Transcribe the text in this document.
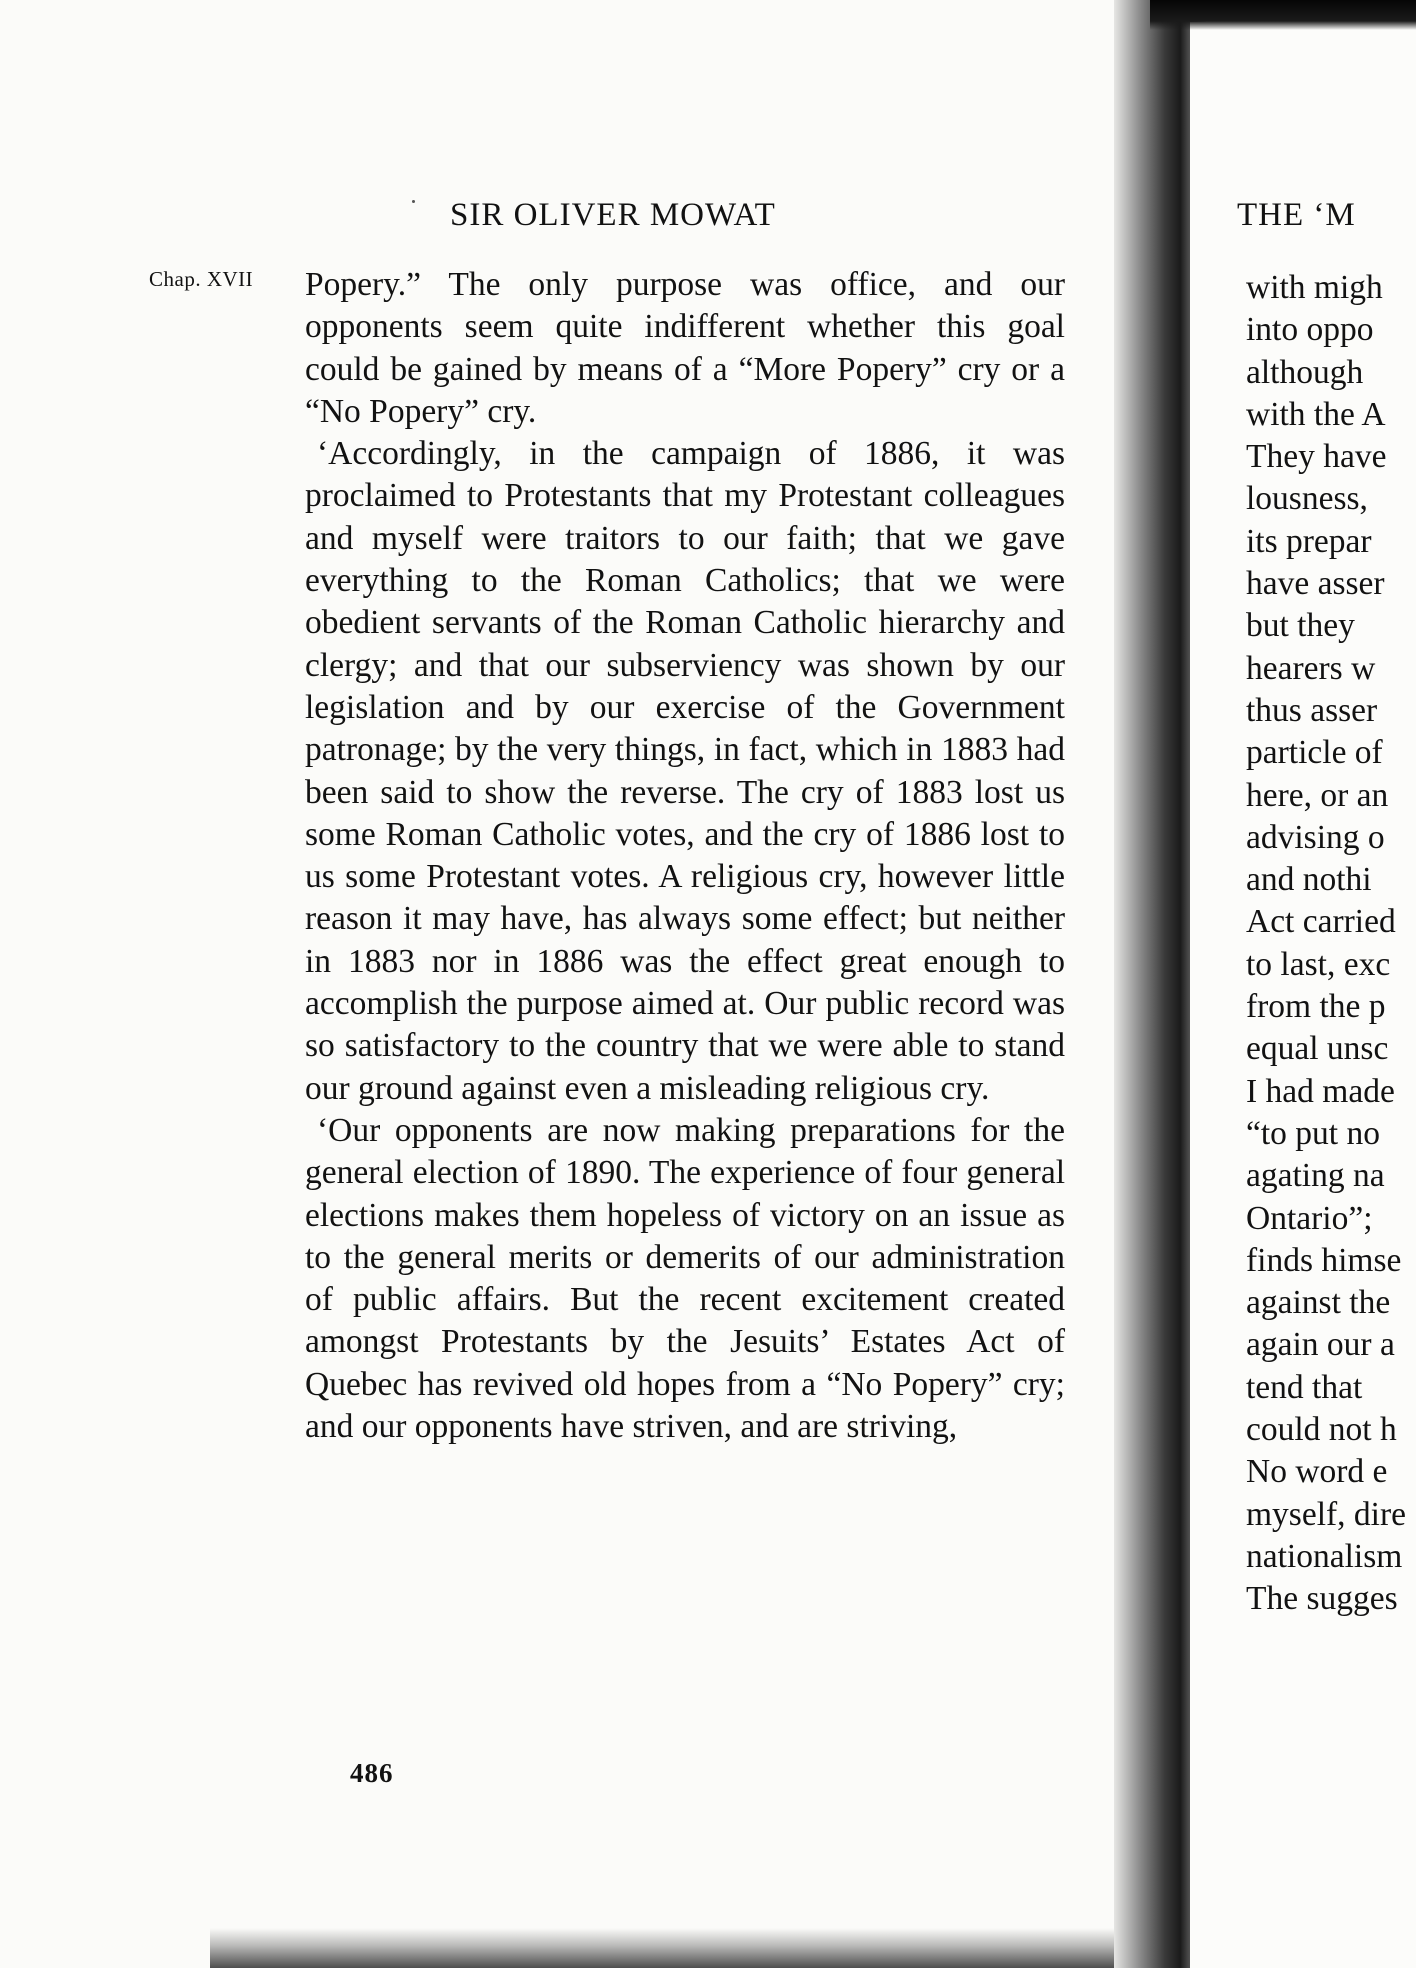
SIR OLIVER MOWAT
Chap. XVII Popery.” The only purpose was office, and our opponents seem quite indifferent whether this goal could be gained by means of a “More Popery” cry or a “No Popery” cry.

‘Accordingly, in the campaign of 1886, it was proclaimed to Protestants that my Protestant colleagues and myself were traitors to our faith; that we gave everything to the Roman Catholics; that we were obedient servants of the Roman Catholic hierarchy and clergy; and that our subserviency was shown by our legislation and by our exercise of the Government patronage; by the very things, in fact, which in 1883 had been said to show the reverse. The cry of 1883 lost us some Roman Catholic votes, and the cry of 1886 lost to us some Protestant votes. A religious cry, however little reason it may have, has always some effect; but neither in 1883 nor in 1886 was the effect great enough to accomplish the purpose aimed at. Our public record was so satisfactory to the country that we were able to stand our ground against even a misleading religious cry.

‘Our opponents are now making preparations for the general election of 1890. The experience of four general elections makes them hopeless of victory on an issue as to the general merits or demerits of our administration of public affairs. But the recent excitement created amongst Protestants by the Jesuits’ Estates Act of Quebec has revived old hopes from a “No Popery” cry; and our opponents have striven, and are striving,

486
THE ‘M
with migh
into oppo
although
with the A
They have
lousness,
its prepar
have asser
but they
hearers w
thus asser
particle of
here, or an
advising o
and nothi
Act carried
to last, exc
from the p
equal unsc
I had made
“to put no
agating na
Ontario”;
finds himse
against the
again our a
tend that
could not h
No word e
myself, dire
nationalism
The sugges
